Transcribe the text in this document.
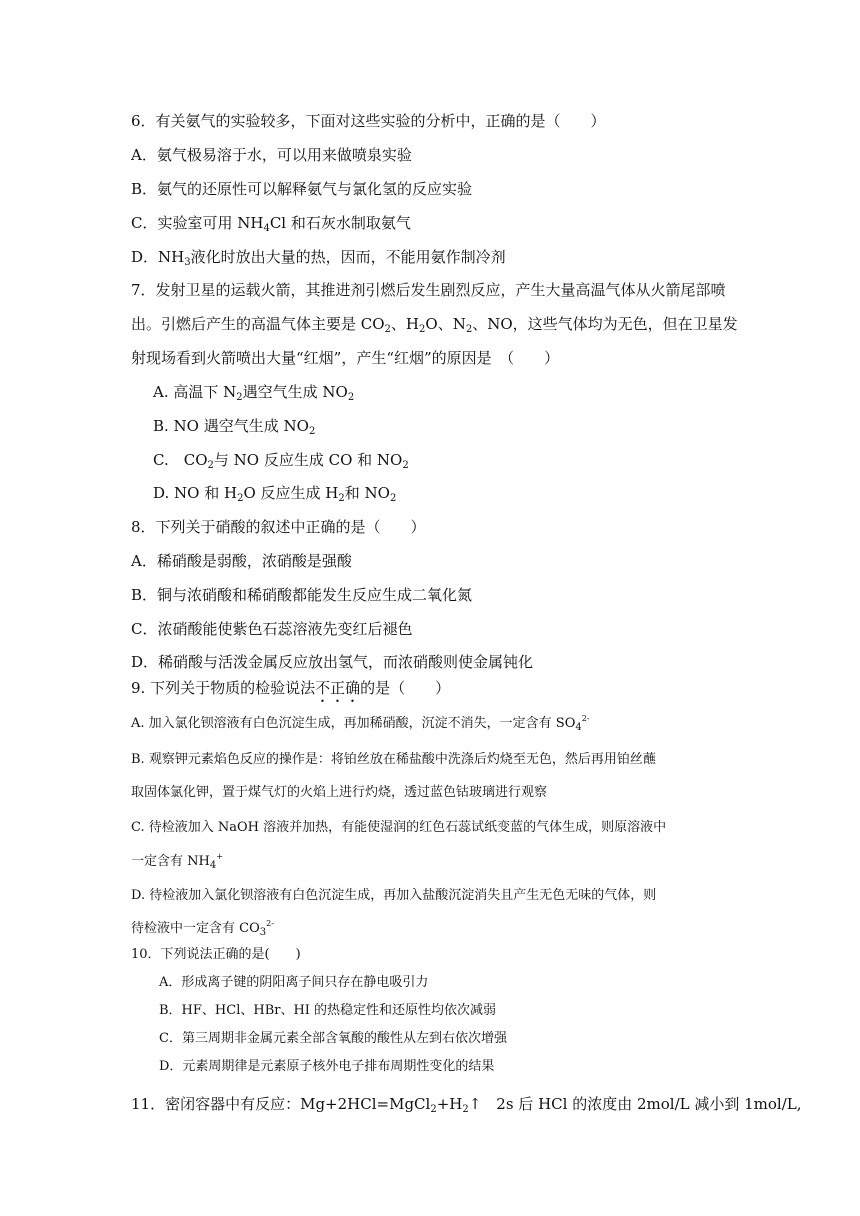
6．有关氨气的实验较多，下面对这些实验的分析中，正确的是（　　）
A．氨气极易溶于水，可以用来做喷泉实验
B．氨气的还原性可以解释氨气与氯化氢的反应实验
C．实验室可用 $NH_4Cl$ 和石灰水制取氨气
D．$NH_3$液化时放出大量的热，因而，不能用氨作制冷剂
7．发射卫星的运载火箭，其推进剂引燃后发生剧烈反应，产生大量高温气体从火箭尾部喷
出。引燃后产生的高温气体主要是 $CO_2$、$H_2O$、$N_2$、NO，这些气体均为无色，但在卫星发
射现场看到火箭喷出大量“红烟”，产生“红烟”的原因是　（　　）
A. 高温下 $N_2$遇空气生成 $NO_2$
B. NO 遇空气生成 $NO_2$
C.　$CO_2$与 NO 反应生成 CO 和 $NO_2$
D. NO 和 $H_2O$ 反应生成 $H_2$和 $NO_2$
8．下列关于硝酸的叙述中正确的是（　　）
A．稀硝酸是弱酸，浓硝酸是强酸
B．铜与浓硝酸和稀硝酸都能发生反应生成二氧化氮
C．浓硝酸能使紫色石蕊溶液先变红后褪色
D．稀硝酸与活泼金属反应放出氢气，而浓硝酸则使金属钝化
9. 下列关于物质的检验说法不正确的是（　　）
A. 加入氯化钡溶液有白色沉淀生成，再加稀硝酸，沉淀不消失，一定含有 $SO_4^{2-}$
B. 观察钾元素焰色反应的操作是：将铂丝放在稀盐酸中洗涤后灼烧至无色，然后再用铂丝蘸
取固体氯化钾，置于煤气灯的火焰上进行灼烧，透过蓝色钴玻璃进行观察
C. 待检液加入 NaOH 溶液并加热，有能使湿润的红色石蕊试纸变蓝的气体生成，则原溶液中
一定含有 $NH_4^+$
D. 待检液加入氯化钡溶液有白色沉淀生成，再加入盐酸沉淀消失且产生无色无味的气体，则
待检液中一定含有 $CO_3^{2-}$
10．下列说法正确的是(　　)
A．形成离子键的阴阳离子间只存在静电吸引力
B．HF、HCl、HBr、HI 的热稳定性和还原性均依次减弱
C．第三周期非金属元素全部含氧酸的酸性从左到右依次增强
D．元素周期律是元素原子核外电子排布周期性变化的结果
11．密闭容器中有反应：$Mg+2HCl=MgCl_2+H_2↑$　2s 后 HCl 的浓度由 2mol/L 减小到 1mol/L,
